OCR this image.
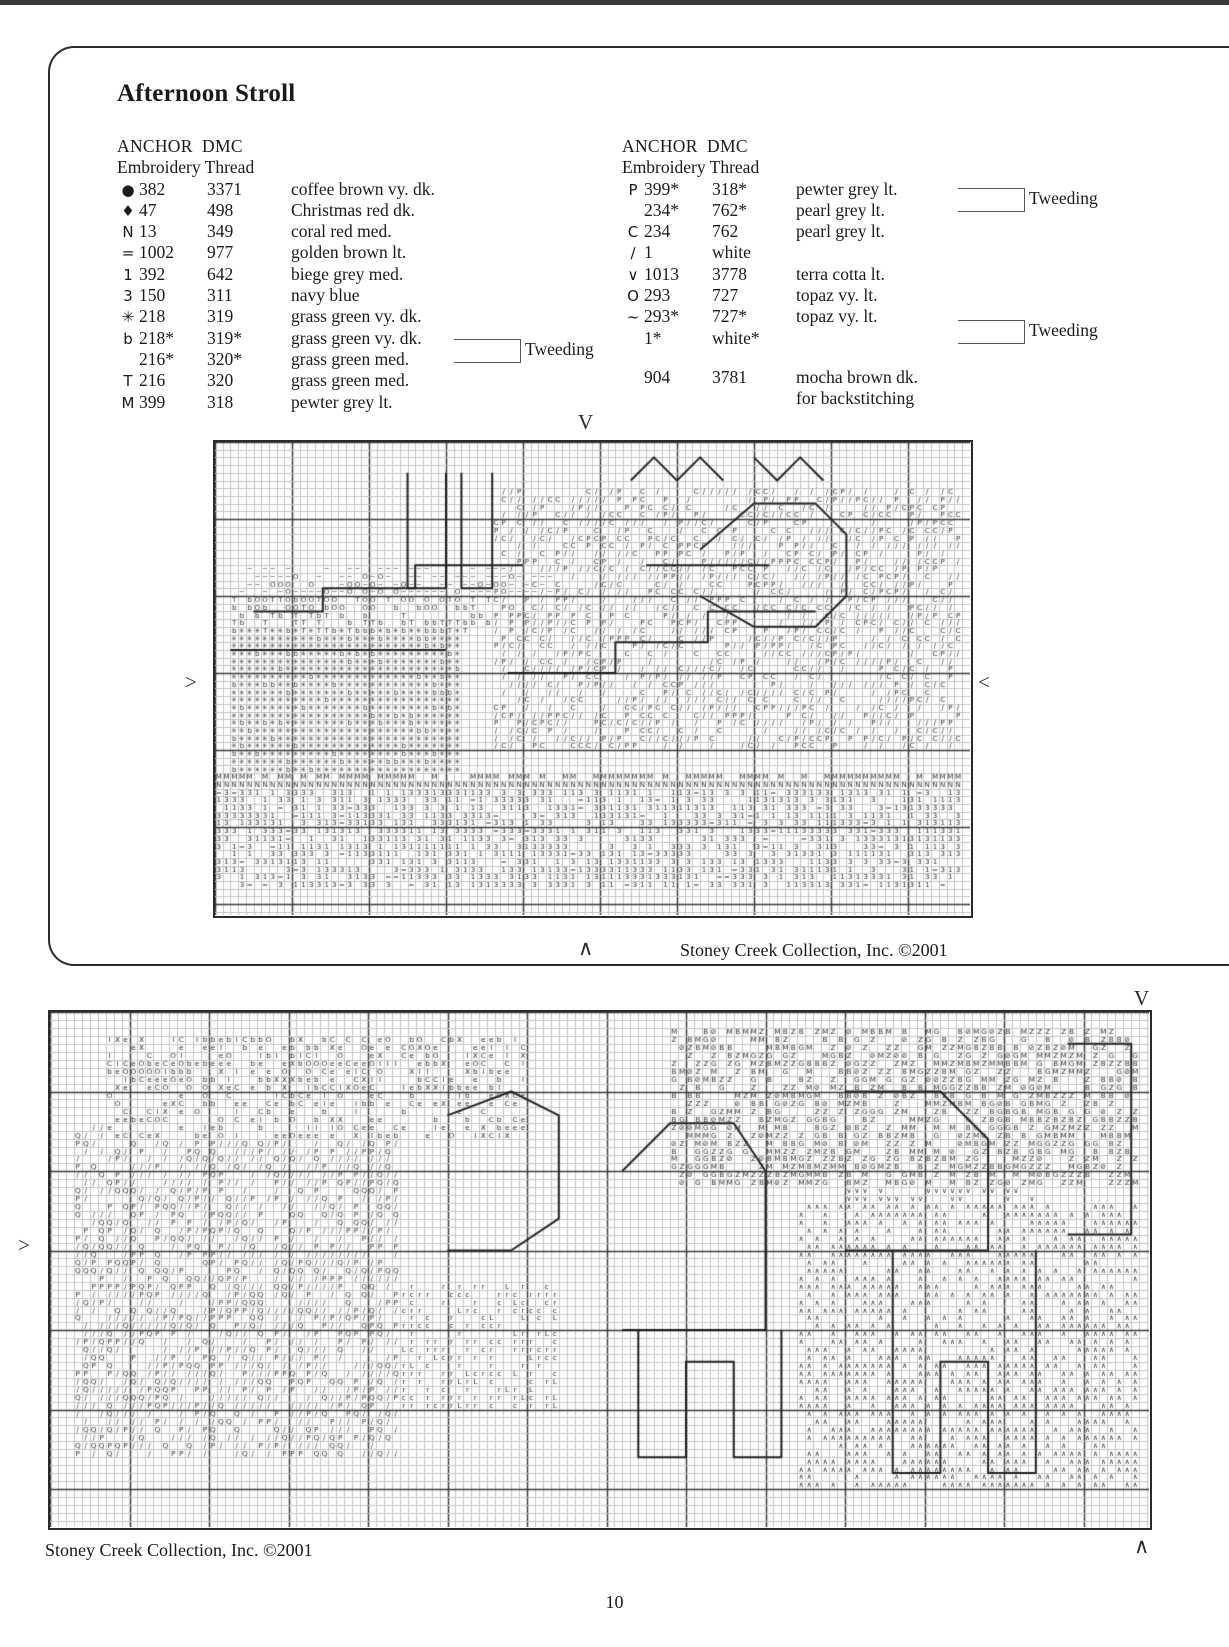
Afternoon Stroll
ANCHOR  DMC
Embroidery Thread
● 382	3371	coffee brown vy. dk.
♦ 47	498	Christmas red dk.
N 13	349	coral red med.
= 1002	977	golden brown lt.
1 392	642	biege grey med.
3 150	311	navy blue
✳ 218	319	grass green vy. dk.
b 218*	319*	grass green vy. dk.
216*	320*	grass green med.
T 216	320	grass green med.
M 399	318	pewter grey lt.
Tweeding
ANCHOR  DMC
Embroidery Thread
P 399*	318*	pewter grey lt.
234*	762*	pearl grey lt.
C 234	762	pearl grey lt.
∕ 1	white
∨ 1013	3778	terra cotta lt.
O 293	727	topaz vy. lt.
~ 293*	727*	topaz vy. lt.
1*	white*
904	3781	mocha brown dk.
for backstitching
Tweeding
Tweeding
V
>	<
∧	Stoney Creek Collection, Inc. ©2001
V
>
∧
Stoney Creek Collection, Inc. ©2001
10
